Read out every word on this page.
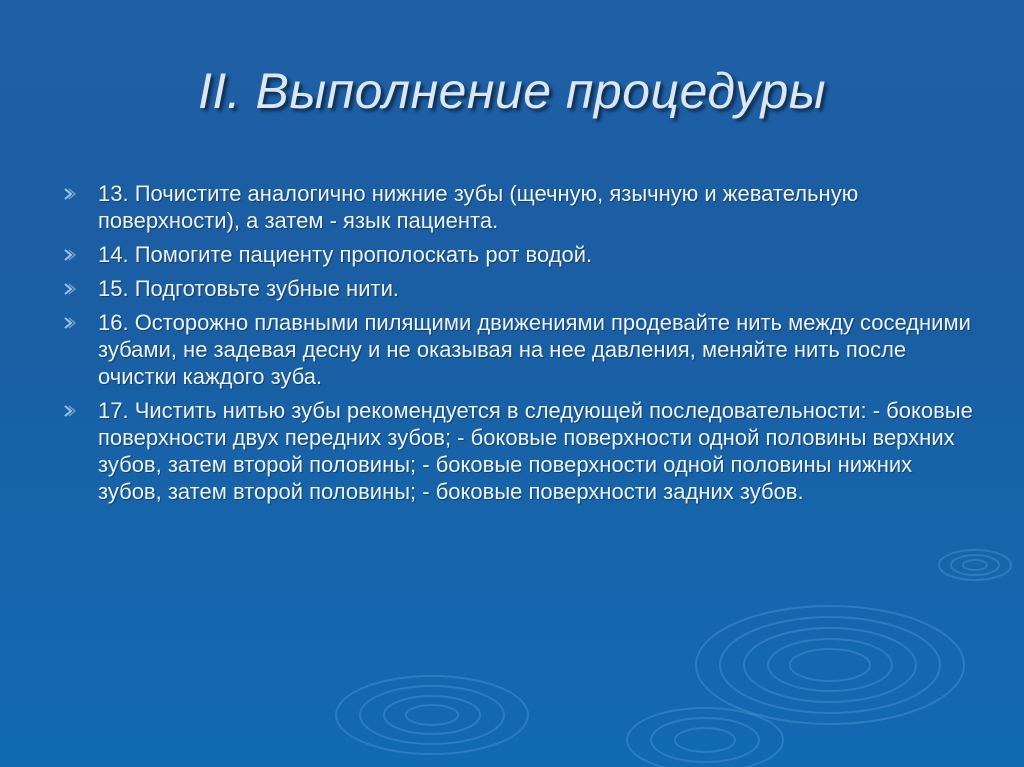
II. Выполнение процедуры
13. Почистите аналогично нижние зубы (щечную, язычную и жевательную поверхности), а затем - язык пациента.
14. Помогите пациенту прополоскать рот водой.
15. Подготовьте зубные нити.
16. Осторожно плавными пилящими движениями продевайте нить между соседними зубами, не задевая десну и не оказывая на нее давления, меняйте нить после очистки каждого зуба.
17. Чистить нитью зубы рекомендуется в следующей последовательности: - боковые поверхности двух передних зубов; - боковые поверхности одной половины верхних зубов, затем второй половины; - боковые поверхности одной половины нижних зубов, затем второй половины; - боковые поверхности задних зубов.
